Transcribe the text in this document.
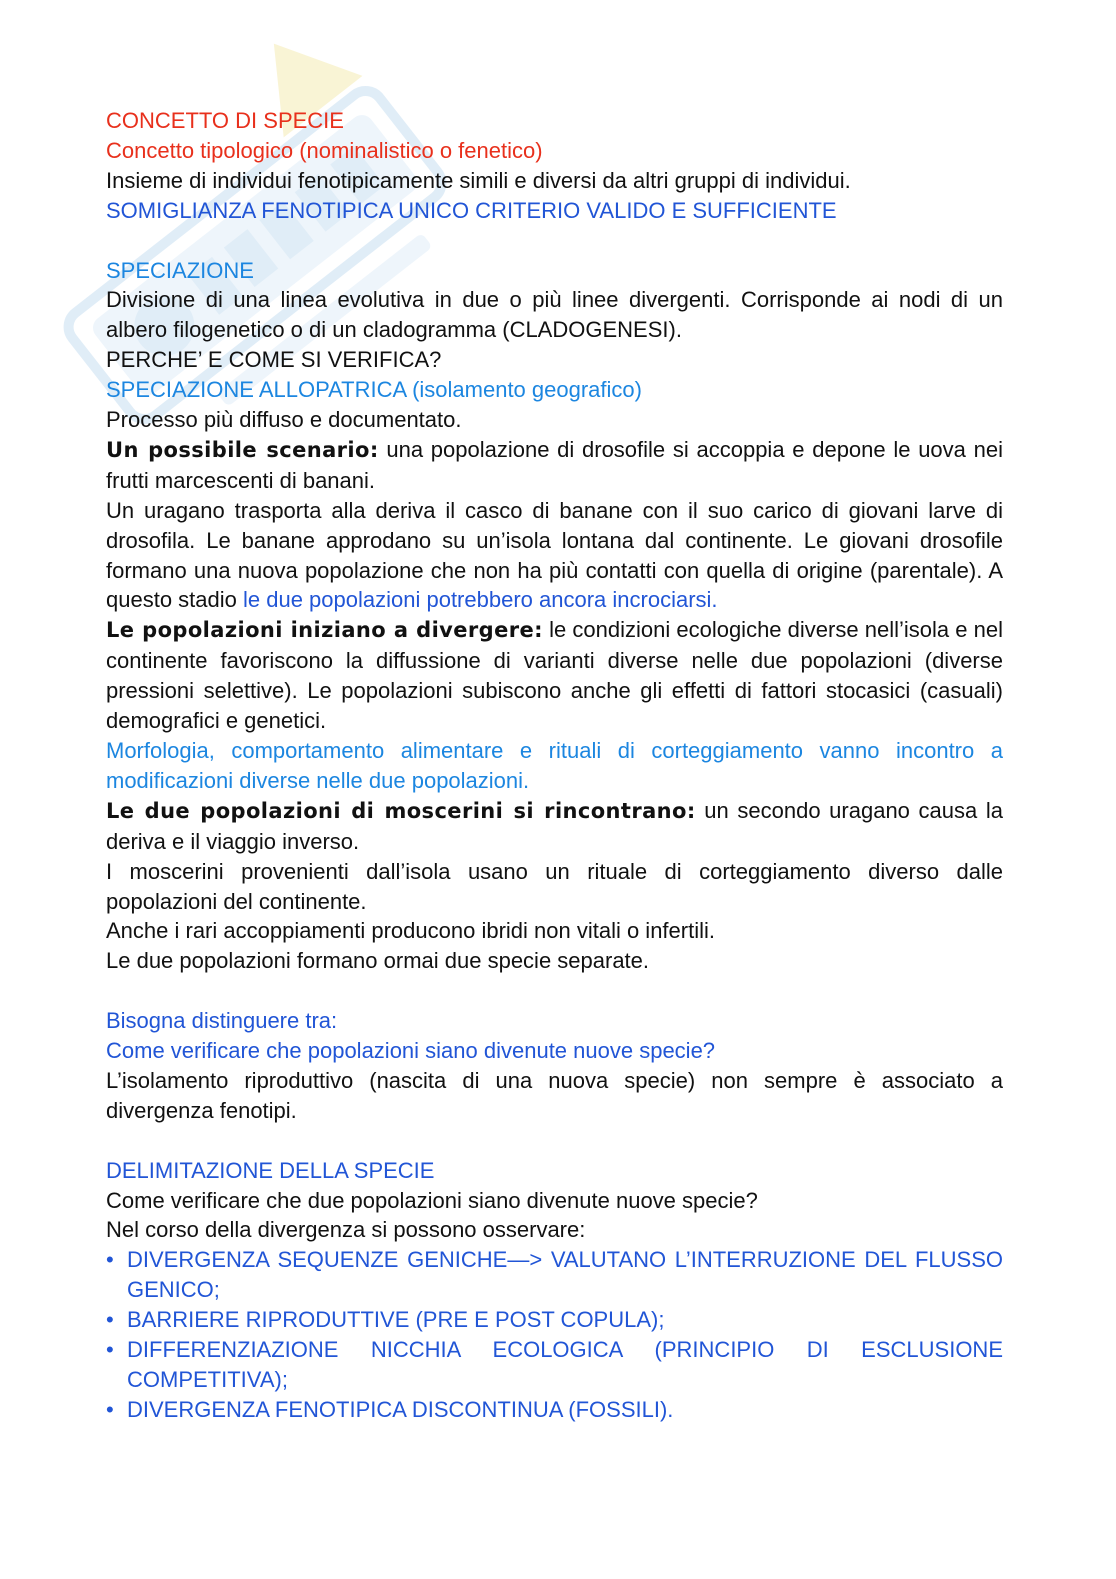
CONCETTO DI SPECIE

Concetto tipologico (nominalistico o fenetico)

Insieme di individui fenotipicamente simili e diversi da altri gruppi di individui.

SOMIGLIANZA FENOTIPICA UNICO CRITERIO VALIDO E SUFFICIENTE

SPECIAZIONE

Divisione di una linea evolutiva in due o più linee divergenti. Corrisponde ai nodi di un albero filogenetico o di un cladogramma (CLADOGENESI).

PERCHE’ E COME SI VERIFICA?

SPECIAZIONE ALLOPATRICA (isolamento geografico)

Processo più diffuso e documentato.

Un possibile scenario: una popolazione di drosofile si accoppia e depone le uova nei frutti marcescenti di banani.

Un uragano trasporta alla deriva il casco di banane con il suo carico di giovani larve di drosofila. Le banane approdano su un’isola lontana dal continente. Le giovani drosofile formano una nuova popolazione che non ha più contatti con quella di origine (parentale). A questo stadio le due popolazioni potrebbero ancora incrociarsi.

Le popolazioni iniziano a divergere: le condizioni ecologiche diverse nell’isola e nel continente favoriscono la diffussione di varianti diverse nelle due popolazioni (diverse pressioni selettive). Le popolazioni subiscono anche gli effetti di fattori stocasici (casuali) demografici e genetici.

Morfologia, comportamento alimentare e rituali di corteggiamento vanno incontro a modificazioni diverse nelle due popolazioni.

Le due popolazioni di moscerini si rincontrano: un secondo uragano causa la deriva e il viaggio inverso.

I moscerini provenienti dall’isola usano un rituale di corteggiamento diverso dalle popolazioni del continente.

Anche i rari accoppiamenti producono ibridi non vitali o infertili.

Le due popolazioni formano ormai due specie separate.

Bisogna distinguere tra:

Come verificare che popolazioni siano divenute nuove specie?

L’isolamento riproduttivo (nascita di una nuova specie) non sempre è associato a divergenza fenotipi.

DELIMITAZIONE DELLA SPECIE

Come verificare che due popolazioni siano divenute nuove specie?

Nel corso della divergenza si possono osservare:

• DIVERGENZA SEQUENZE GENICHE—> VALUTANO L’INTERRUZIONE DEL FLUSSO GENICO;
• BARRIERE RIPRODUTTIVE (PRE E POST COPULA);
• DIFFERENZIAZIONE NICCHIA ECOLOGICA (PRINCIPIO DI ESCLUSIONE COMPETITIVA);
• DIVERGENZA FENOTIPICA DISCONTINUA (FOSSILI).
